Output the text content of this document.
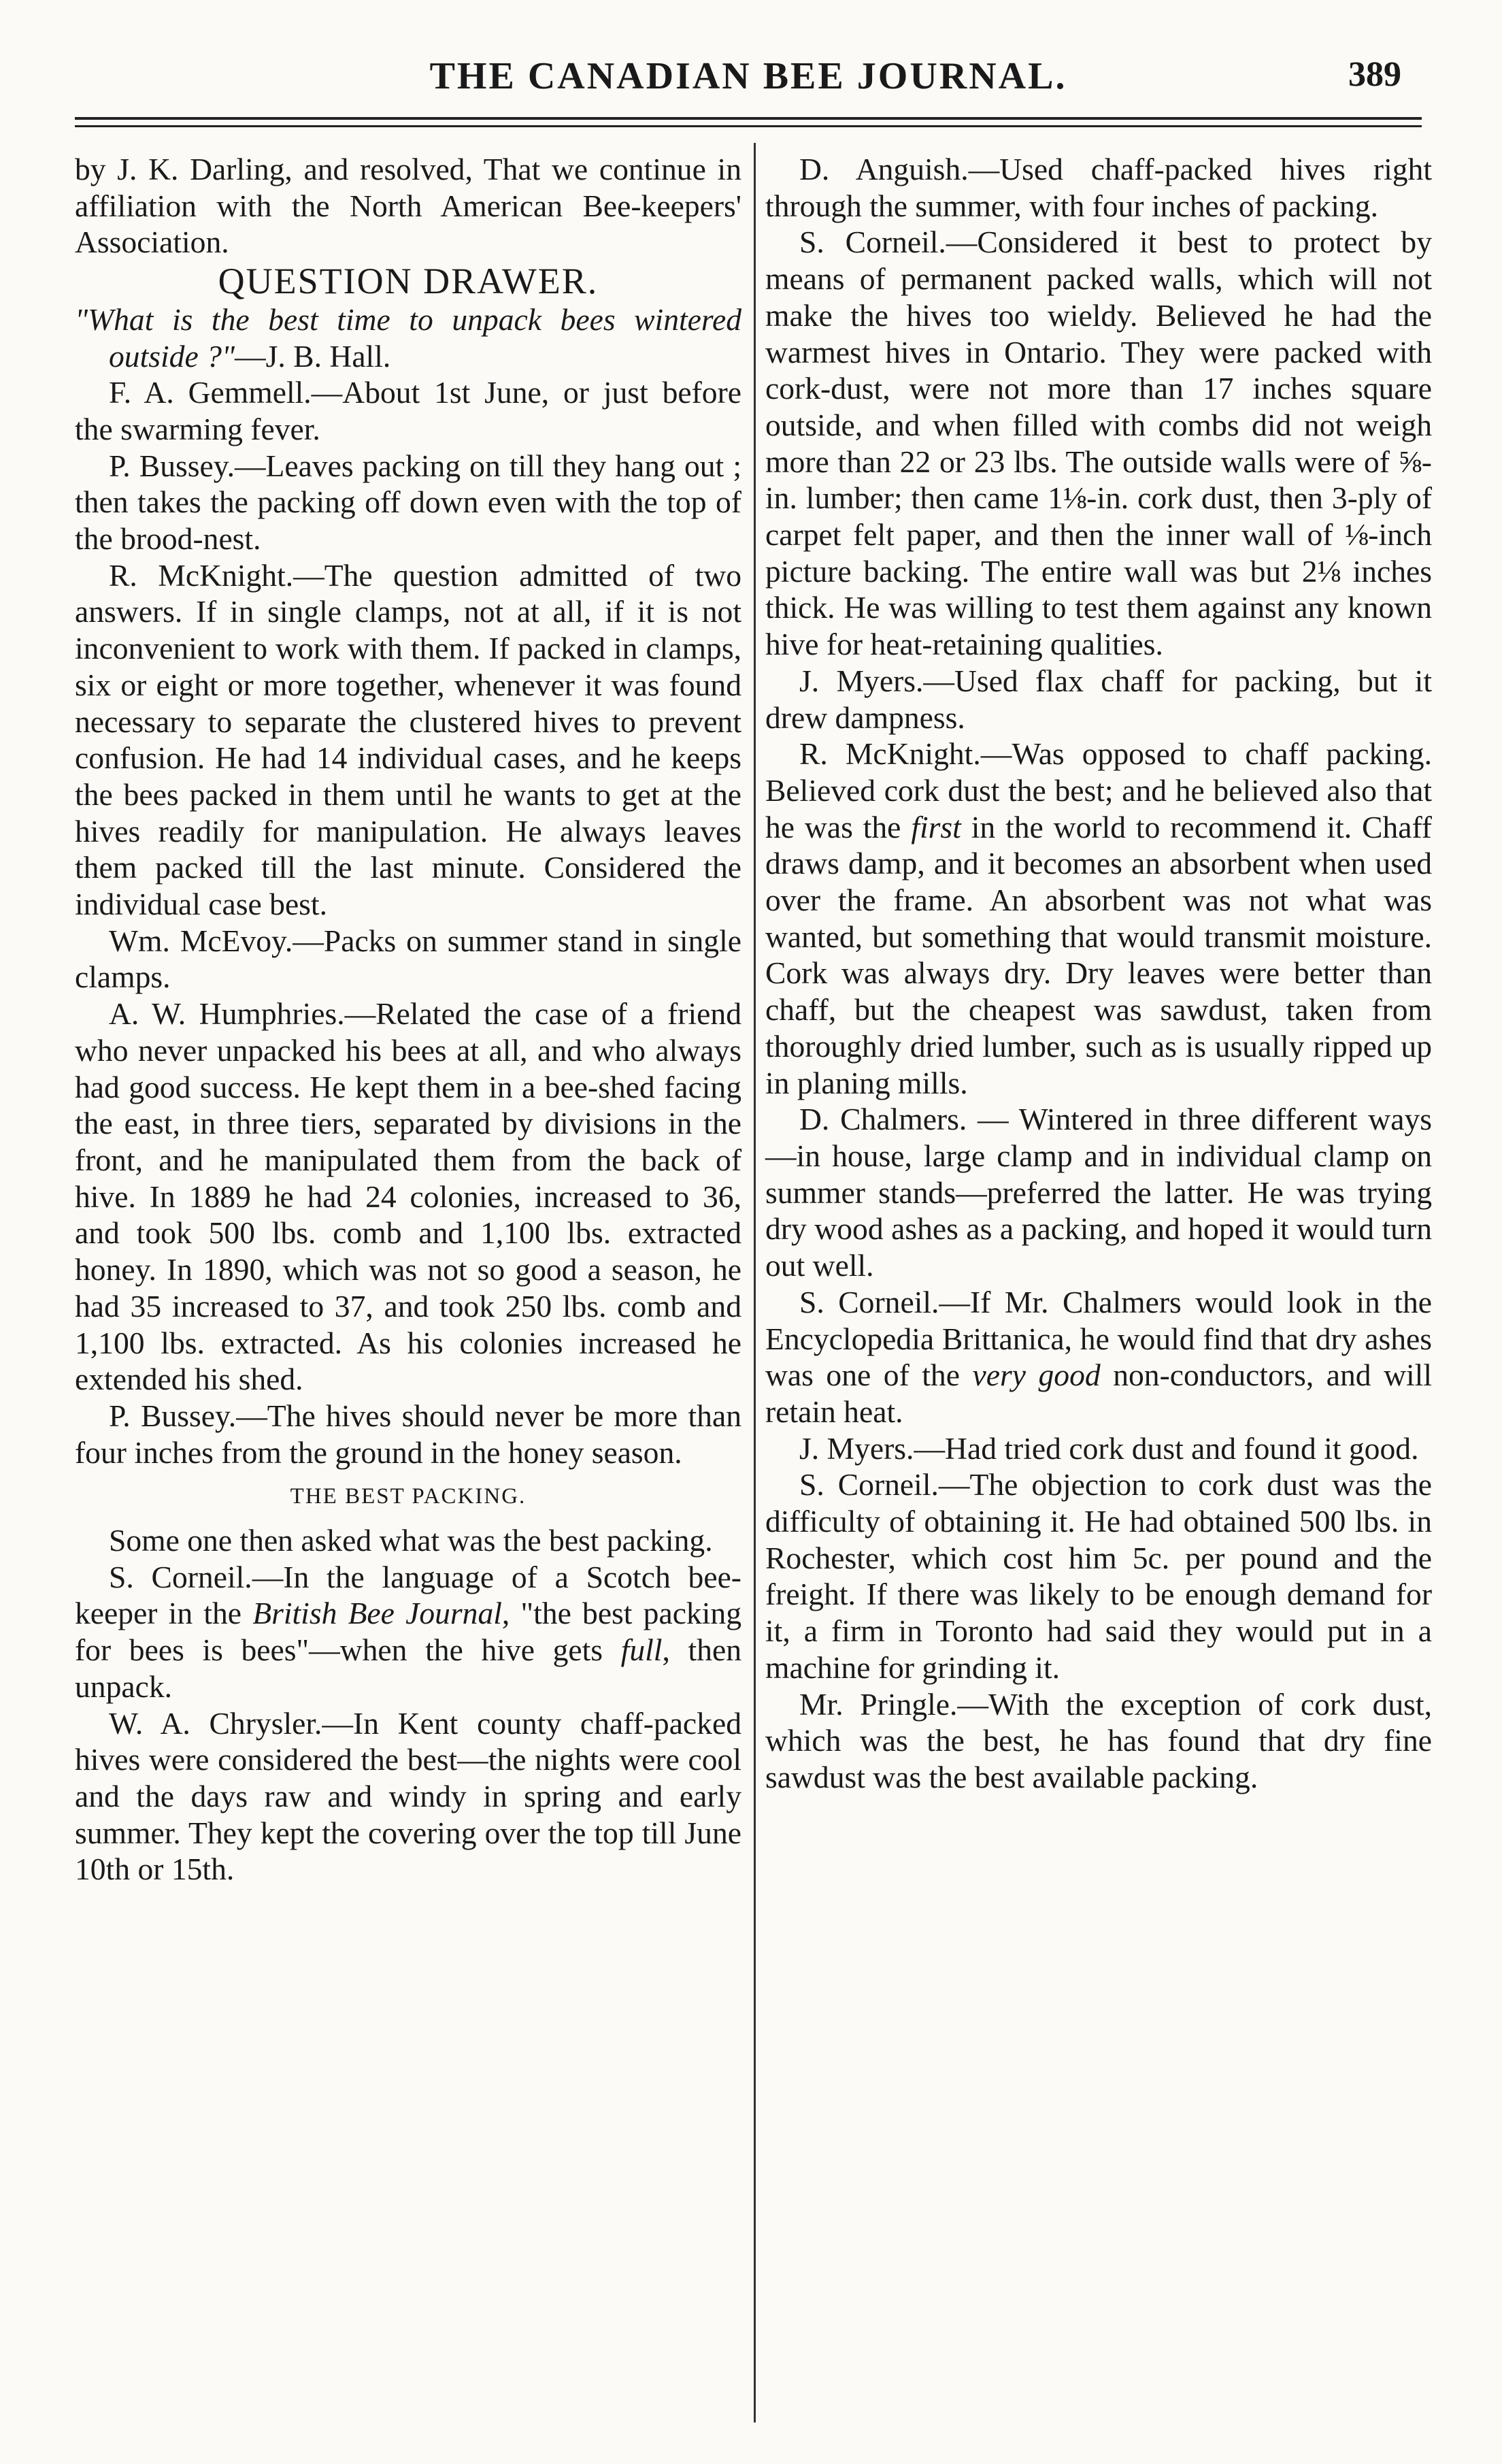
THE CANADIAN BEE JOURNAL.	389

by J. K. Darling, and resolved, That we continue in affiliation with the North American Bee-keepers' Association.

QUESTION DRAWER.

"What is the best time to unpack bees wintered outside ?"—J. B. Hall.

F. A. Gemmell.—About 1st June, or just before the swarming fever.

P. Bussey.—Leaves packing on till they hang out ; then takes the packing off down even with the top of the brood-nest.

R. McKnight.—The question admitted of two answers. If in single clamps, not at all, if it is not inconvenient to work with them. If packed in clamps, six or eight or more together, whenever it was found necessary to separate the clustered hives to prevent confusion. He had 14 individual cases, and he keeps the bees packed in them until he wants to get at the hives readily for manipulation. He always leaves them packed till the last minute. Considered the individual case best.

Wm. McEvoy.—Packs on summer stand in single clamps.

A. W. Humphries.—Related the case of a friend who never unpacked his bees at all, and who always had good success. He kept them in a bee-shed facing the east, in three tiers, separated by divisions in the front, and he manipulated them from the back of hive. In 1889 he had 24 colonies, increased to 36, and took 500 lbs. comb and 1,100 lbs. extracted honey. In 1890, which was not so good a season, he had 35 increased to 37, and took 250 lbs. comb and 1,100 lbs. extracted. As his colonies increased he extended his shed.

P. Bussey.—The hives should never be more than four inches from the ground in the honey season.

THE BEST PACKING.

Some one then asked what was the best packing.

S. Corneil.—In the language of a Scotch bee-keeper in the British Bee Journal, "the best packing for bees is bees"—when the hive gets full, then unpack.

W. A. Chrysler.—In Kent county chaff-packed hives were considered the best—the nights were cool and the days raw and windy in spring and early summer. They kept the covering over the top till June 10th or 15th.

D. Anguish.—Used chaff-packed hives right through the summer, with four inches of packing.

S. Corneil.—Considered it best to protect by means of permanent packed walls, which will not make the hives too wieldy. Believed he had the warmest hives in Ontario. They were packed with cork-dust, were not more than 17 inches square outside, and when filled with combs did not weigh more than 22 or 23 lbs. The outside walls were of ⅝-in. lumber; then came 1⅛-in. cork dust, then 3-ply of carpet felt paper, and then the inner wall of ⅛-inch picture backing. The entire wall was but 2⅛ inches thick. He was willing to test them against any known hive for heat-retaining qualities.

J. Myers.—Used flax chaff for packing, but it drew dampness.

R. McKnight.—Was opposed to chaff packing. Believed cork dust the best; and he believed also that he was the first in the world to recommend it. Chaff draws damp, and it becomes an absorbent when used over the frame. An absorbent was not what was wanted, but something that would transmit moisture. Cork was always dry. Dry leaves were better than chaff, but the cheapest was sawdust, taken from thoroughly dried lumber, such as is usually ripped up in planing mills.

D. Chalmers. — Wintered in three different ways—in house, large clamp and in individual clamp on summer stands—preferred the latter. He was trying dry wood ashes as a packing, and hoped it would turn out well.

S. Corneil.—If Mr. Chalmers would look in the Encyclopedia Brittanica, he would find that dry ashes was one of the very good non-conductors, and will retain heat.

J. Myers.—Had tried cork dust and found it good.

S. Corneil.—The objection to cork dust was the difficulty of obtaining it. He had obtained 500 lbs. in Rochester, which cost him 5c. per pound and the freight. If there was likely to be enough demand for it, a firm in Toronto had said they would put in a machine for grinding it.

Mr. Pringle.—With the exception of cork dust, which was the best, he has found that dry fine sawdust was the best available packing.
